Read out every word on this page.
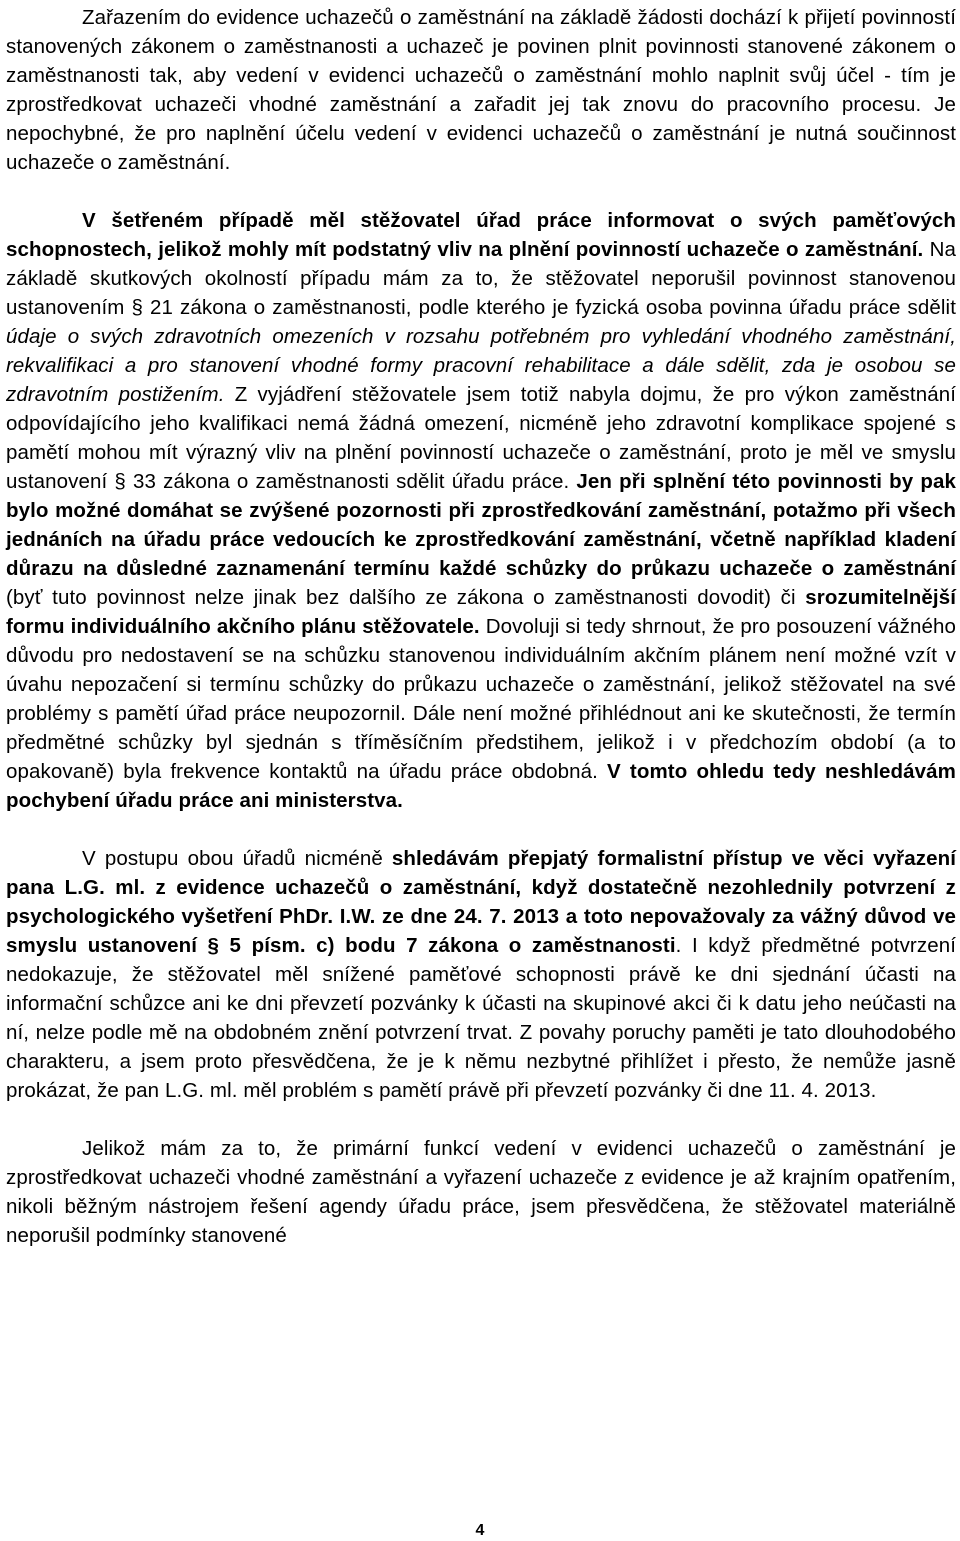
Zařazením do evidence uchazečů o zaměstnání na základě žádosti dochází k přijetí povinností stanovených zákonem o zaměstnanosti a uchazeč je povinen plnit povinnosti stanovené zákonem o zaměstnanosti tak, aby vedení v evidenci uchazečů o zaměstnání mohlo naplnit svůj účel - tím je zprostředkovat uchazeči vhodné zaměstnání a zařadit jej tak znovu do pracovního procesu. Je nepochybné, že pro naplnění účelu vedení v evidenci uchazečů o zaměstnání je nutná součinnost uchazeče o zaměstnání.

V šetřeném případě měl stěžovatel úřad práce informovat o svých paměťových schopnostech, jelikož mohly mít podstatný vliv na plnění povinností uchazeče o zaměstnání. Na základě skutkových okolností případu mám za to, že stěžovatel neporušil povinnost stanovenou ustanovením § 21 zákona o zaměstnanosti, podle kterého je fyzická osoba povinna úřadu práce sdělit údaje o svých zdravotních omezeních v rozsahu potřebném pro vyhledání vhodného zaměstnání, rekvalifikaci a pro stanovení vhodné formy pracovní rehabilitace a dále sdělit, zda je osobou se zdravotním postižením. Z vyjádření stěžovatele jsem totiž nabyla dojmu, že pro výkon zaměstnání odpovídajícího jeho kvalifikaci nemá žádná omezení, nicméně jeho zdravotní komplikace spojené s pamětí mohou mít výrazný vliv na plnění povinností uchazeče o zaměstnání, proto je měl ve smyslu ustanovení § 33 zákona o zaměstnanosti sdělit úřadu práce. Jen při splnění této povinnosti by pak bylo možné domáhat se zvýšené pozornosti při zprostředkování zaměstnání, potažmo při všech jednáních na úřadu práce vedoucích ke zprostředkování zaměstnání, včetně například kladení důrazu na důsledné zaznamenání termínu každé schůzky do průkazu uchazeče o zaměstnání (byť tuto povinnost nelze jinak bez dalšího ze zákona o zaměstnanosti dovodit) či srozumitelnější formu individuálního akčního plánu stěžovatele. Dovoluji si tedy shrnout, že pro posouzení vážného důvodu pro nedostavení se na schůzku stanovenou individuálním akčním plánem není možné vzít v úvahu nepozačení si termínu schůzky do průkazu uchazeče o zaměstnání, jelikož stěžovatel na své problémy s pamětí úřad práce neupozornil. Dále není možné přihlédnout ani ke skutečnosti, že termín předmětné schůzky byl sjednán s tříměsíčním předstihem, jelikož i v předchozím období (a to opakovaně) byla frekvence kontaktů na úřadu práce obdobná. V tomto ohledu tedy neshledávám pochybení úřadu práce ani ministerstva.

V postupu obou úřadů nicméně shledávám přepjatý formalistní přístup ve věci vyřazení pana L.G. ml. z evidence uchazečů o zaměstnání, když dostatečně nezohlednily potvrzení z psychologického vyšetření PhDr. I.W. ze dne 24. 7. 2013 a toto nepovažovaly za vážný důvod ve smyslu ustanovení § 5 písm. c) bodu 7 zákona o zaměstnanosti. I když předmětné potvrzení nedokazuje, že stěžovatel měl snížené paměťové schopnosti právě ke dni sjednání účasti na informační schůzce ani ke dni převzetí pozvánky k účasti na skupinové akci či k datu jeho neúčasti na ní, nelze podle mě na obdobném znění potvrzení trvat. Z povahy poruchy paměti je tato dlouhodobého charakteru, a jsem proto přesvědčena, že je k němu nezbytné přihlížet i přesto, že nemůže jasně prokázat, že pan L.G. ml. měl problém s pamětí právě při převzetí pozvánky či dne 11. 4. 2013.

Jelikož mám za to, že primární funkcí vedení v evidenci uchazečů o zaměstnání je zprostředkovat uchazeči vhodné zaměstnání a vyřazení uchazeče z evidence je až krajním opatřením, nikoli běžným nástrojem řešení agendy úřadu práce, jsem přesvědčena, že stěžovatel materiálně neporušil podmínky stanovené

4
